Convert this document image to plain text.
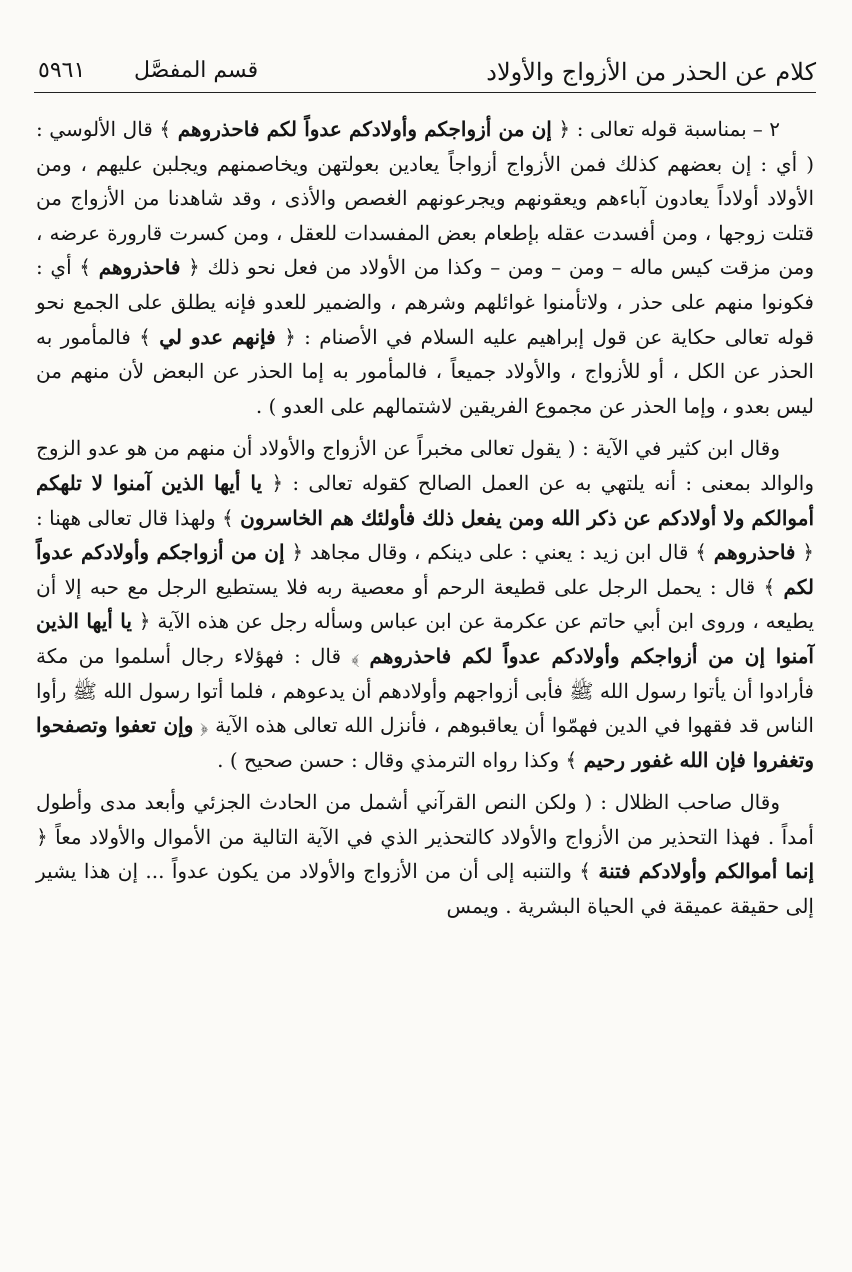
كلام عن الحذر من الأزواج والأولاد
قسم المفصَّل
٥٩٦١

٢ –بمناسبة قوله تعالى : ﴿ إن من أزواجكم وأولادكم عدواً لكم فاحذروهم ﴾ قال الألوسي : ( أي : إن بعضهم كذلك فمن الأزواج أزواجاً يعادين بعولتهن ويخاصمنهم ويجلبن عليهم ، ومن الأولاد أولاداً يعادون آباءهم ويعقونهم ويجرعونهم الغصص والأذى ، وقد شاهدنا من الأزواج من قتلت زوجها ، ومن أفسدت عقله بإطعام بعض المفسدات للعقل ، ومن كسرت قارورة عرضه ، ومن مزقت كيس ماله – ومن – ومن – وكذا من الأولاد من فعل نحو ذلك ﴿ فاحذروهم ﴾ أي : فكونوا منهم على حذر ، ولاتأمنوا غوائلهم وشرهم ، والضمير للعدو فإنه يطلق على الجمع نحو قوله تعالى حكاية عن قول إبراهيم عليه السلام في الأصنام : ﴿ فإنهم عدو لي ﴾ فالمأمور به الحذر عن الكل ، أو للأزواج ، والأولاد جميعاً ، فالمأمور به إما الحذر عن البعض لأن منهم من ليس بعدو ، وإما الحذر عن مجموع الفريقين لاشتمالهم على العدو ) .

وقال ابن كثير في الآية : ( يقول تعالى مخبراً عن الأزواج والأولاد أن منهم من هو عدو الزوج والوالد بمعنى : أنه يلتهي به عن العمل الصالح كقوله تعالى : ﴿ يا أيها الذين آمنوا لا تلهكم أموالكم ولا أولادكم عن ذكر الله ومن يفعل ذلك فأولئك هم الخاسرون ﴾ ولهذا قال تعالى ههنا : ﴿ فاحذروهم ﴾ قال ابن زيد : يعني : على دينكم ، وقال مجاهد ﴿ إن من أزواجكم وأولادكم عدواً لكم ﴾ قال : يحمل الرجل على قطيعة الرحم أو معصية ربه فلا يستطيع الرجل مع حبه إلا أن يطيعه ، وروى ابن أبي حاتم عن عكرمة عن ابن عباس وسأله رجل عن هذه الآية ﴿ يا أيها الذين آمنوا إن من أزواجكم وأولادكم عدواً لكم فاحذروهم ﴾ قال : فهؤلاء رجال أسلموا من مكة فأرادوا أن يأتوا رسول الله ﷺ فأبى أزواجهم وأولادهم أن يدعوهم ، فلما أتوا رسول الله ﷺ رأوا الناس قد فقهوا في الدين فهمّوا أن يعاقبوهم ، فأنزل الله تعالى هذه الآية ﴿ وإن تعفوا وتصفحوا وتغفروا فإن الله غفور رحيم ﴾ وكذا رواه الترمذي وقال : حسن صحيح ) .

وقال صاحب الظلال : ( ولكن النص القرآني أشمل من الحادث الجزئي وأبعد مدى وأطول أمداً . فهذا التحذير من الأزواج والأولاد كالتحذير الذي في الآية التالية من الأموال والأولاد معاً ﴿ إنما أموالكم وأولادكم فتنة ﴾ والتنبه إلى أن من الأزواج والأولاد من يكون عدواً ... إن هذا يشير إلى حقيقة عميقة في الحياة البشرية . ويمس
